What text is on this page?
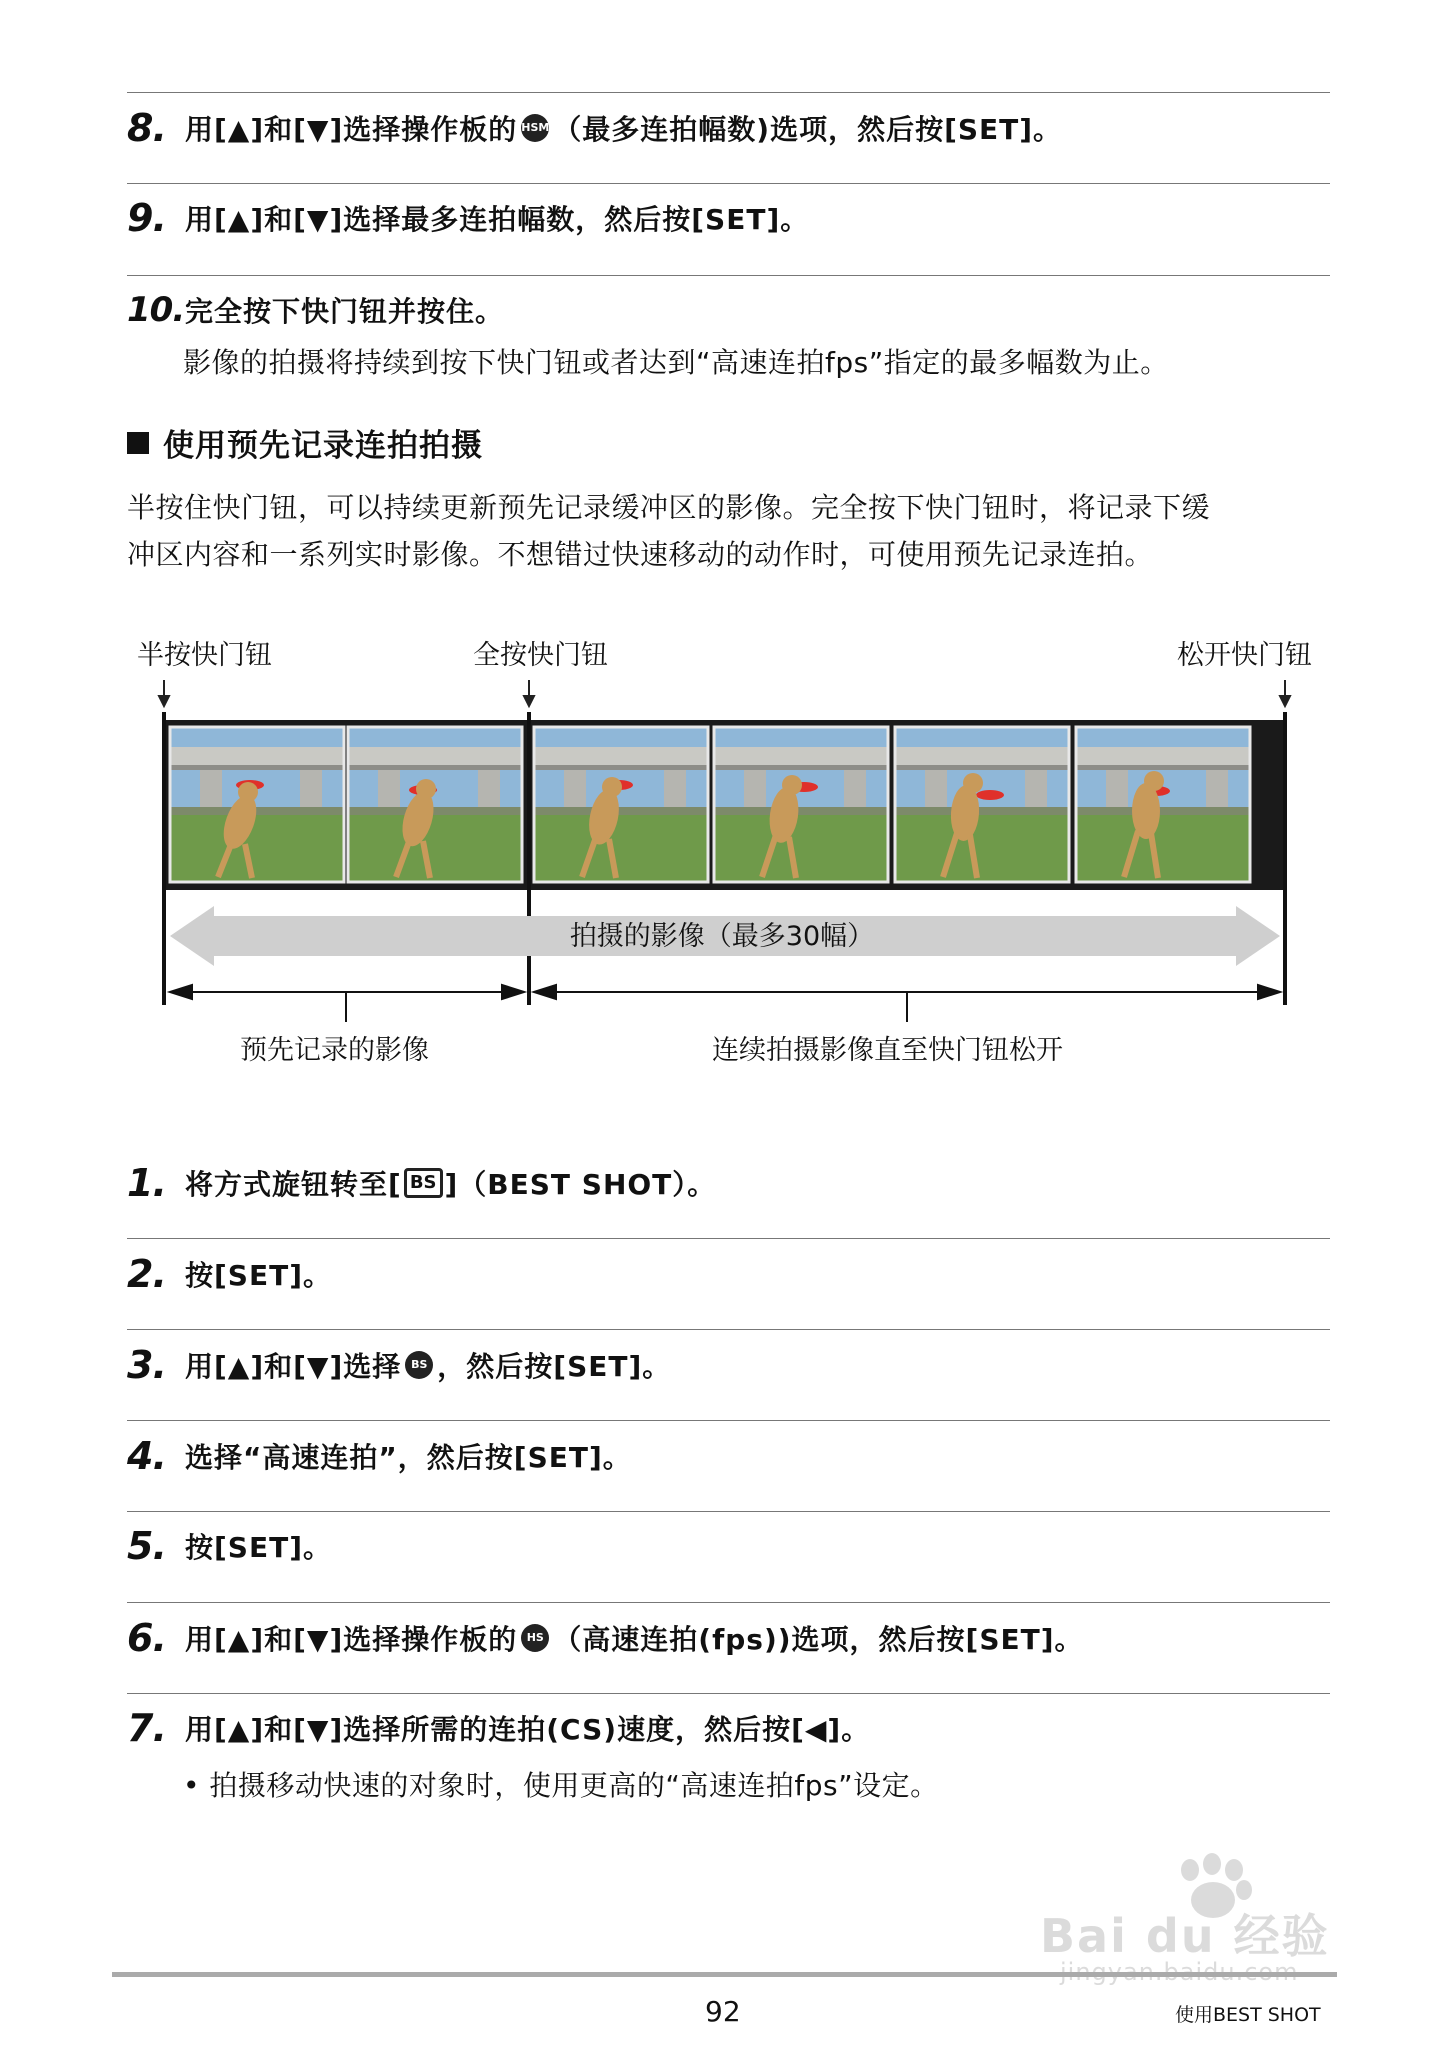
8. 用[▲]和[▼]选择操作板的 HSMAX
（最多连拍幅数)选项，然后按[SET]。
9. 用[▲]和[▼]选择最多连拍幅数，然后按[SET]。
10. 完全按下快门钮并按住。
影像的拍摄将持续到按下快门钮或者达到“高速连拍fps”指定的最多幅数为止。
使用预先记录连拍拍摄
半按住快门钮，可以持续更新预先记录缓冲区的影像。完全按下快门钮时，将记录下缓
冲区内容和一系列实时影像。不想错过快速移动的动作时，可使用预先记录连拍。
半按快门钮	全按快门钮	松开快门钮
拍摄的影像（最多30幅）
预先记录的影像	连续拍摄影像直至快门钮松开
1. 将方式旋钮转至[ BS ]（BEST SHOT）。
2. 按[SET]。
3. 用[▲]和[▼]选择 BS ，然后按[SET]。
4. 选择“高速连拍”，然后按[SET]。
5. 按[SET]。
6. 用[▲]和[▼]选择操作板的 HS （高速连拍(fps))选项，然后按[SET]。
7. 用[▲]和[▼]选择所需的连拍(CS)速度，然后按[◀]。
• 拍摄移动快速的对象时，使用更高的“高速连拍fps”设定。
Bai du 经验
92	使用BEST SHOT
